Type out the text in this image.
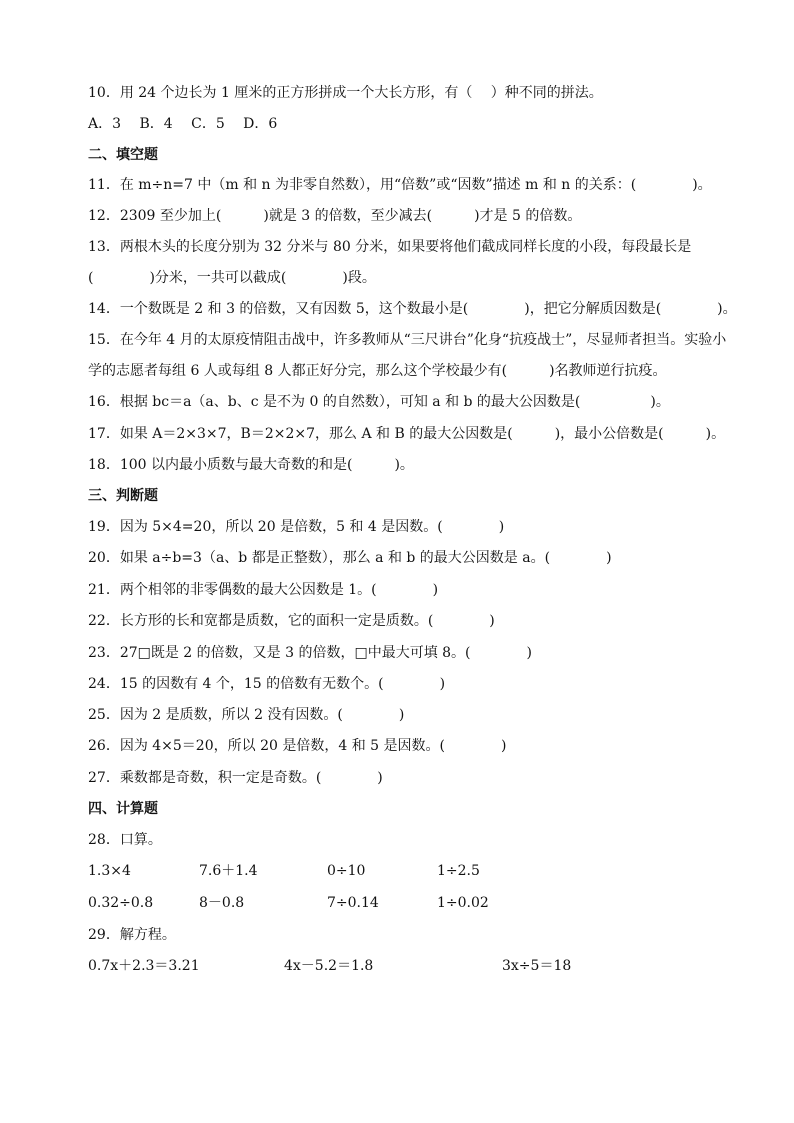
10．用 24 个边长为 1 厘米的正方形拼成一个大长方形，有（　 ）种不同的拼法。
A．3　 B．4　 C．5　 D．6
二、填空题
11．在 m÷n=7 中（m 和 n 为非零自然数），用“倍数”或“因数”描述 m 和 n 的关系：(　　　　)。
12．2309 至少加上(　　　)就是 3 的倍数，至少减去(　　　)才是 5 的倍数。
13．两根木头的长度分别为 32 分米与 80 分米，如果要将他们截成同样长度的小段，每段最长是
(　　　　)分米，一共可以截成(　　　　)段。
14．一个数既是 2 和 3 的倍数，又有因数 5，这个数最小是(　　　　)，把它分解质因数是(　　　　)。
15．在今年 4 月的太原疫情阻击战中，许多教师从“三尺讲台”化身“抗疫战士”，尽显师者担当。实验小
学的志愿者每组 6 人或每组 8 人都正好分完，那么这个学校最少有(　　　)名教师逆行抗疫。
16．根据 bc＝a（a、b、c 是不为 0 的自然数），可知 a 和 b 的最大公因数是(　　　　　)。
17．如果 A＝2×3×7，B＝2×2×7，那么 A 和 B 的最大公因数是(　　　)，最小公倍数是(　　　)。
18．100 以内最小质数与最大奇数的和是(　　　)。
三、判断题
19．因为 5×4=20，所以 20 是倍数，5 和 4 是因数。(　　　　)
20．如果 a÷b=3（a、b 都是正整数），那么 a 和 b 的最大公因数是 a。(　　　　)
21．两个相邻的非零偶数的最大公因数是 1。(　　　　)
22．长方形的长和宽都是质数，它的面积一定是质数。(　　　　)
23．27□既是 2 的倍数，又是 3 的倍数，□中最大可填 8。(　　　　)
24．15 的因数有 4 个，15 的倍数有无数个。(　　　　)
25．因为 2 是质数，所以 2 没有因数。(　　　　)
26．因为 4×5＝20，所以 20 是倍数，4 和 5 是因数。(　　　　)
27．乘数都是奇数，积一定是奇数。(　　　　)
四、计算题
28．口算。
1.3×4	7.6＋1.4	0÷10	1÷2.5
0.32÷0.8	8－0.8	7÷0.14	1÷0.02
29．解方程。
0.7x＋2.3＝3.21	4x－5.2＝1.8	3x÷5＝18
